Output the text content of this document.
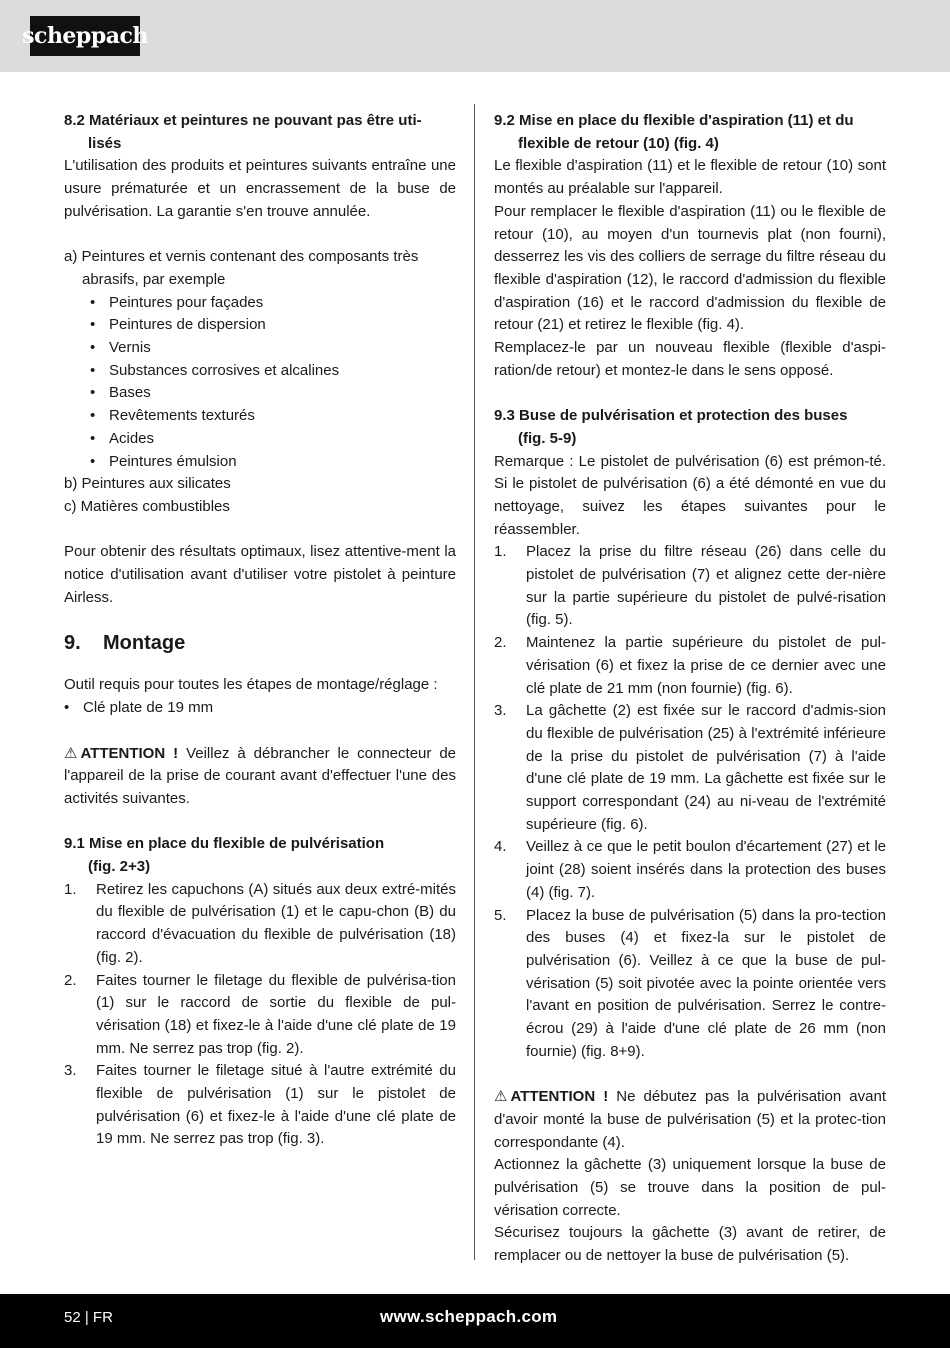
scheppach

8.2 Matériaux et peintures ne pouvant pas être uti-
lisés

L'utilisation des produits et peintures suivants entraîne une usure prématurée et un encrassement de la buse de pulvérisation. La garantie s'en trouve annulée.

a) Peintures et vernis contenant des composants très abrasifs, par exemple
• Peintures pour façades
• Peintures de dispersion
• Vernis
• Substances corrosives et alcalines
• Bases
• Revêtements texturés
• Acides
• Peintures émulsion
b) Peintures aux silicates
c) Matières combustibles

Pour obtenir des résultats optimaux, lisez attentive-ment la notice d'utilisation avant d'utiliser votre pistolet à peinture Airless.

9. Montage

Outil requis pour toutes les étapes de montage/réglage :

• Clé plate de 19 mm

⚠ ATTENTION ! Veillez à débrancher le connecteur de l'appareil de la prise de courant avant d'effectuer l'une des activités suivantes.

9.1 Mise en place du flexible de pulvérisation
(fig. 2+3)

1. Retirez les capuchons (A) situés aux deux extré-mités du flexible de pulvérisation (1) et le capu-chon (B) du raccord d'évacuation du flexible de pulvérisation (18) (fig. 2).
2. Faites tourner le filetage du flexible de pulvérisa-tion (1) sur le raccord de sortie du flexible de pul-vérisation (18) et fixez-le à l'aide d'une clé plate de 19 mm. Ne serrez pas trop (fig. 2).
3. Faites tourner le filetage situé à l'autre extrémité du flexible de pulvérisation (1) sur le pistolet de pulvérisation (6) et fixez-le à l'aide d'une clé plate de 19 mm. Ne serrez pas trop (fig. 3).

9.2 Mise en place du flexible d'aspiration (11) et du
flexible de retour (10) (fig. 4)

Le flexible d'aspiration (11) et le flexible de retour (10) sont montés au préalable sur l'appareil.

Pour remplacer le flexible d'aspiration (11) ou le flexible de retour (10), au moyen d'un tournevis plat (non fourni), desserrez les vis des colliers de serrage du filtre réseau du flexible d'aspiration (12), le raccord d'admission du flexible d'aspiration (16) et le raccord d'admission du flexible de retour (21) et retirez le flexible (fig. 4).

Remplacez-le par un nouveau flexible (flexible d'aspi-ration/de retour) et montez-le dans le sens opposé.

9.3 Buse de pulvérisation et protection des buses
(fig. 5-9)

Remarque : Le pistolet de pulvérisation (6) est prémon-té. Si le pistolet de pulvérisation (6) a été démonté en vue du nettoyage, suivez les étapes suivantes pour le réassembler.

1. Placez la prise du filtre réseau (26) dans celle du pistolet de pulvérisation (7) et alignez cette der-nière sur la partie supérieure du pistolet de pulvé-risation (fig. 5).
2. Maintenez la partie supérieure du pistolet de pul-vérisation (6) et fixez la prise de ce dernier avec une clé plate de 21 mm (non fournie) (fig. 6).
3. La gâchette (2) est fixée sur le raccord d'admis-sion du flexible de pulvérisation (25) à l'extrémité inférieure de la prise du pistolet de pulvérisation (7) à l'aide d'une clé plate de 19 mm. La gâchette est fixée sur le support correspondant (24) au ni-veau de l'extrémité supérieure (fig. 6).
4. Veillez à ce que le petit boulon d'écartement (27) et le joint (28) soient insérés dans la protection des buses (4) (fig. 7).
5. Placez la buse de pulvérisation (5) dans la pro-tection des buses (4) et fixez-la sur le pistolet de pulvérisation (6). Veillez à ce que la buse de pul-vérisation (5) soit pivotée avec la pointe orientée vers l'avant en position de pulvérisation. Serrez le contre-écrou (29) à l'aide d'une clé plate de 26 mm (non fournie) (fig. 8+9).

⚠ ATTENTION ! Ne débutez pas la pulvérisation avant d'avoir monté la buse de pulvérisation (5) et la protec-tion correspondante (4).

Actionnez la gâchette (3) uniquement lorsque la buse de pulvérisation (5) se trouve dans la position de pul-vérisation correcte.

Sécurisez toujours la gâchette (3) avant de retirer, de remplacer ou de nettoyer la buse de pulvérisation (5).

52 | FR	www.scheppach.com
